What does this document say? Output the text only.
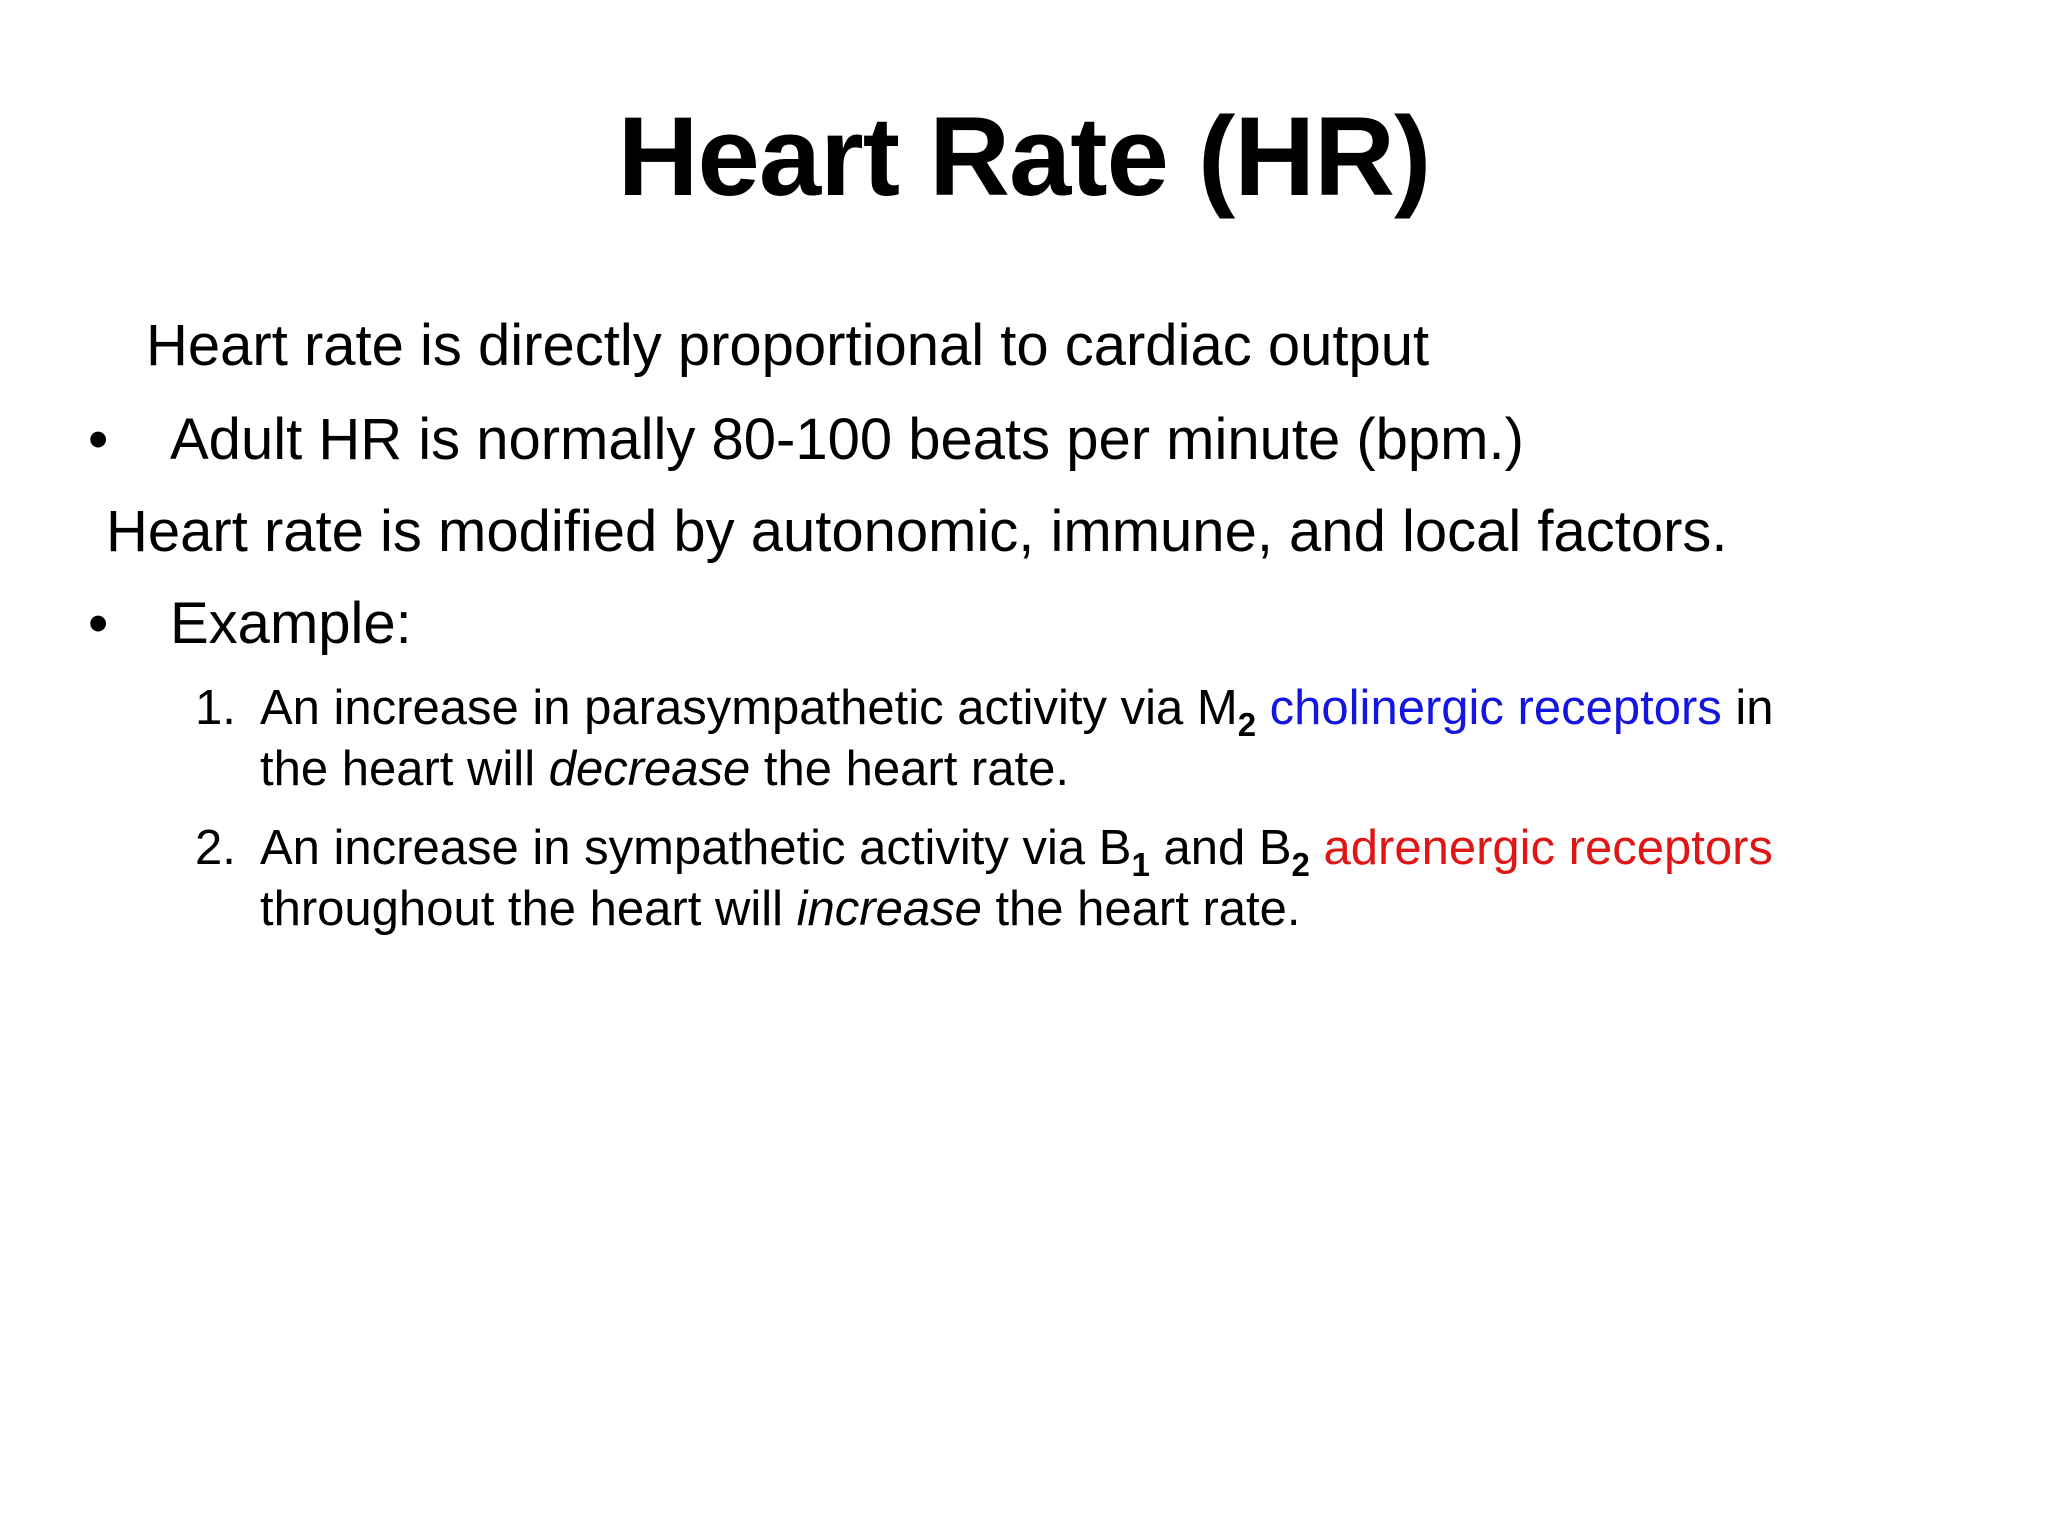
Heart Rate (HR)
Heart rate is directly proportional to cardiac output
• Adult HR is normally 80-100 beats per minute (bpm.)
Heart rate is modified by autonomic, immune, and local factors.
• Example:
1. An increase in parasympathetic activity via $M_2$ cholinergic receptors in
the heart will decrease the heart rate.
2. An increase in sympathetic activity via $B_1$ and $B_2$ adrenergic receptors
throughout the heart will increase the heart rate.
